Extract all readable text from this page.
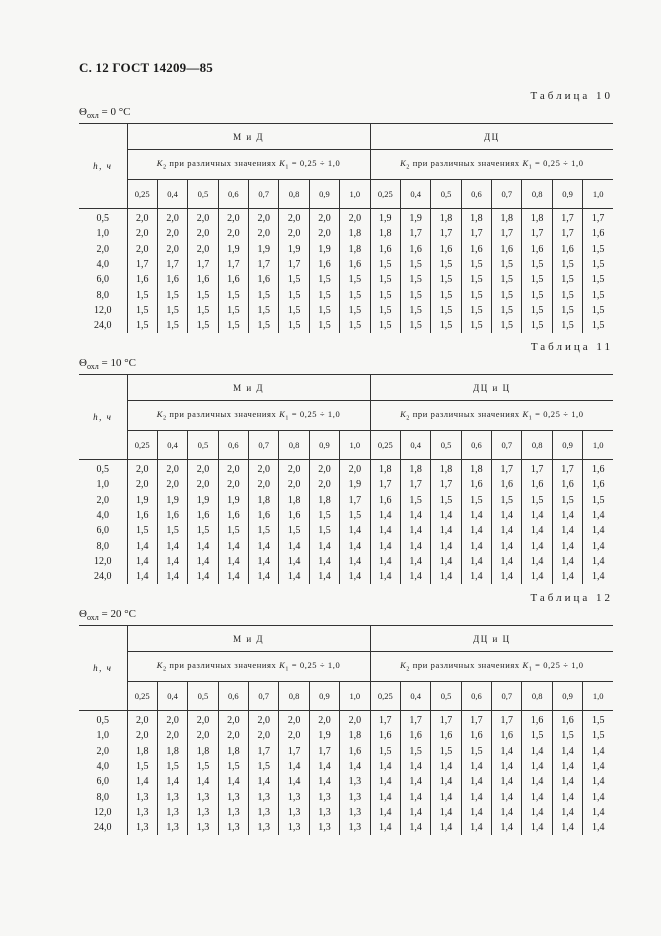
С. 12 ГОСТ 14209—85
Таблица 10
$\Theta_{охл} = 0$ °С
h, ч	М и Д								ДЦ							
	$K_2$ при различных значениях $K_1 = 0,25 \div 1,0$								$K_2$ при различных значениях $K_1 = 0,25 \div 1,0$							
	0,25	0,4	0,5	0,6	0,7	0,8	0,9	1,0	0,25	0,4	0,5	0,6	0,7	0,8	0,9	1,0
0,5	2,0	2,0	2,0	2,0	2,0	2,0	2,0	2,0	1,9	1,9	1,8	1,8	1,8	1,8	1,7	1,7
1,0	2,0	2,0	2,0	2,0	2,0	2,0	2,0	1,8	1,8	1,7	1,7	1,7	1,7	1,7	1,7	1,6
2,0	2,0	2,0	2,0	1,9	1,9	1,9	1,9	1,8	1,6	1,6	1,6	1,6	1,6	1,6	1,6	1,5
4,0	1,7	1,7	1,7	1,7	1,7	1,7	1,6	1,6	1,5	1,5	1,5	1,5	1,5	1,5	1,5	1,5
6,0	1,6	1,6	1,6	1,6	1,6	1,5	1,5	1,5	1,5	1,5	1,5	1,5	1,5	1,5	1,5	1,5
8,0	1,5	1,5	1,5	1,5	1,5	1,5	1,5	1,5	1,5	1,5	1,5	1,5	1,5	1,5	1,5	1,5
12,0	1,5	1,5	1,5	1,5	1,5	1,5	1,5	1,5	1,5	1,5	1,5	1,5	1,5	1,5	1,5	1,5
24,0	1,5	1,5	1,5	1,5	1,5	1,5	1,5	1,5	1,5	1,5	1,5	1,5	1,5	1,5	1,5	1,5
Таблица 11
$\Theta_{охл} = 10$ °С
h, ч	М и Д								ДЦ и Ц							
	$K_2$ при различных значениях $K_1 = 0,25 \div 1,0$								$K_2$ при различных значениях $K_1 = 0,25 \div 1,0$							
	0,25	0,4	0,5	0,6	0,7	0,8	0,9	1,0	0,25	0,4	0,5	0,6	0,7	0,8	0,9	1,0
0,5	2,0	2,0	2,0	2,0	2,0	2,0	2,0	2,0	1,8	1,8	1,8	1,8	1,7	1,7	1,7	1,6
1,0	2,0	2,0	2,0	2,0	2,0	2,0	2,0	1,9	1,7	1,7	1,7	1,6	1,6	1,6	1,6	1,6
2,0	1,9	1,9	1,9	1,9	1,8	1,8	1,8	1,7	1,6	1,5	1,5	1,5	1,5	1,5	1,5	1,5
4,0	1,6	1,6	1,6	1,6	1,6	1,6	1,5	1,5	1,4	1,4	1,4	1,4	1,4	1,4	1,4	1,4
6,0	1,5	1,5	1,5	1,5	1,5	1,5	1,5	1,4	1,4	1,4	1,4	1,4	1,4	1,4	1,4	1,4
8,0	1,4	1,4	1,4	1,4	1,4	1,4	1,4	1,4	1,4	1,4	1,4	1,4	1,4	1,4	1,4	1,4
12,0	1,4	1,4	1,4	1,4	1,4	1,4	1,4	1,4	1,4	1,4	1,4	1,4	1,4	1,4	1,4	1,4
24,0	1,4	1,4	1,4	1,4	1,4	1,4	1,4	1,4	1,4	1,4	1,4	1,4	1,4	1,4	1,4	1,4
Таблица 12
$\Theta_{охл} = 20$ °С
h, ч	М и Д								ДЦ и Ц							
	$K_2$ при различных значениях $K_1 = 0,25 \div 1,0$								$K_2$ при различных значениях $K_1 = 0,25 \div 1,0$							
	0,25	0,4	0,5	0,6	0,7	0,8	0,9	1,0	0,25	0,4	0,5	0,6	0,7	0,8	0,9	1,0
0,5	2,0	2,0	2,0	2,0	2,0	2,0	2,0	2,0	1,7	1,7	1,7	1,7	1,7	1,6	1,6	1,5
1,0	2,0	2,0	2,0	2,0	2,0	2,0	1,9	1,8	1,6	1,6	1,6	1,6	1,6	1,5	1,5	1,5
2,0	1,8	1,8	1,8	1,8	1,7	1,7	1,7	1,6	1,5	1,5	1,5	1,5	1,4	1,4	1,4	1,4
4,0	1,5	1,5	1,5	1,5	1,5	1,4	1,4	1,4	1,4	1,4	1,4	1,4	1,4	1,4	1,4	1,4
6,0	1,4	1,4	1,4	1,4	1,4	1,4	1,4	1,3	1,4	1,4	1,4	1,4	1,4	1,4	1,4	1,4
8,0	1,3	1,3	1,3	1,3	1,3	1,3	1,3	1,3	1,4	1,4	1,4	1,4	1,4	1,4	1,4	1,4
12,0	1,3	1,3	1,3	1,3	1,3	1,3	1,3	1,3	1,4	1,4	1,4	1,4	1,4	1,4	1,4	1,4
24,0	1,3	1,3	1,3	1,3	1,3	1,3	1,3	1,3	1,4	1,4	1,4	1,4	1,4	1,4	1,4	1,4
